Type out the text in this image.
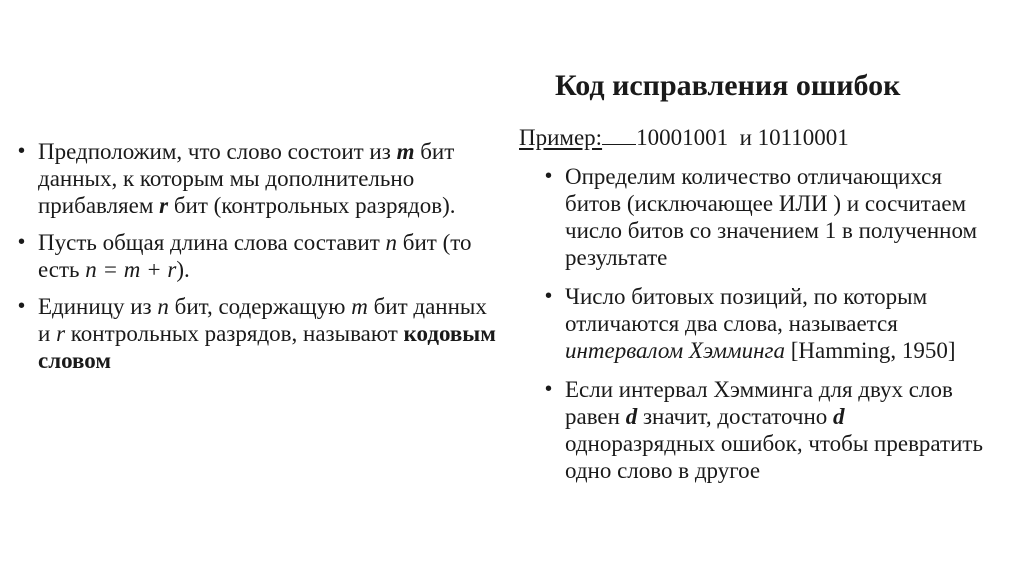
Код исправления ошибок
• Предположим, что слово состоит из m бит данных, к которым мы дополнительно прибавляем r бит (контрольных разрядов).
• Пусть общая длина слова составит n бит (то есть n = m + r).
• Единицу из n бит, содержащую m бит данных и r контрольных разрядов, называют кодовым словом
Пример: 10001001 и 10110001
• Определим количество отличающихся битов (исключающее ИЛИ ) и сосчитаем число битов со значением 1 в полученном результате
• Число битовых позиций, по которым отличаются два слова, называется интервалом Хэмминга [Hamming, 1950]
• Если интервал Хэмминга для двух слов равен d значит, достаточно d одноразрядных ошибок, чтобы превратить одно слово в другое
